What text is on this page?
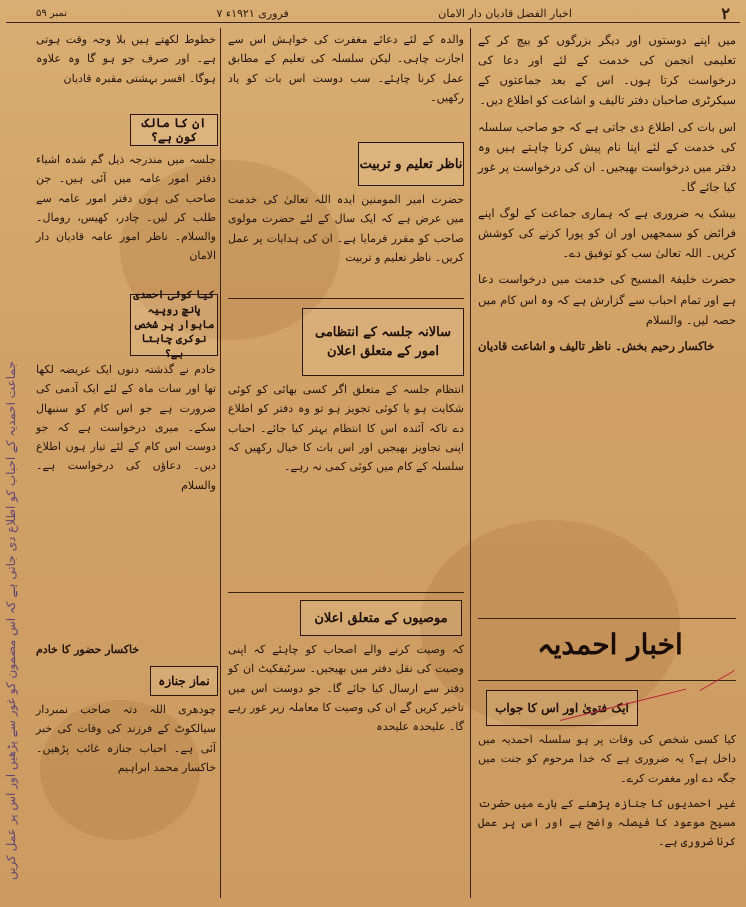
۲
اخبار الفضل قادیان دار الامان
۷ فروری ۱۹۲۱ء
نمبر ۵۹
جماعت احمدیہ کے احباب کو اطلاع دی جاتی ہے کہ اس مضمون کو غور سے پڑھیں اور اس پر عمل کریں

میں اپنے دوستوں اور دیگر بزرگوں کو بیچ کر کے تعلیمی انجمن کی خدمت کے لئے اور دعا کی درخواست کرتا ہوں۔ اس کے بعد جماعتوں کے سیکرٹری صاحبان دفتر تالیف و اشاعت کو اطلاع دیں۔

اس بات کی اطلاع دی جاتی ہے کہ جو صاحب سلسلہ کی خدمت کے لئے اپنا نام پیش کرنا چاہتے ہیں وہ دفتر میں درخواست بھیجیں۔ ان کی درخواست پر غور کیا جائے گا۔

بیشک یہ ضروری ہے کہ ہماری جماعت کے لوگ اپنے فرائض کو سمجھیں اور ان کو پورا کرنے کی کوشش کریں۔ اللہ تعالیٰ سب کو توفیق دے۔

حضرت خلیفۃ المسیح کی خدمت میں درخواست دعا ہے اور تمام احباب سے گزارش ہے کہ وہ اس کام میں حصہ لیں۔ والسلام

خاکسار رحیم بخش۔ ناظر تالیف و اشاعت قادیان

اخبار احمدیہ
ایک فتویٰ اور اس کا جواب

کیا کسی شخص کی وفات پر ہو سلسلہ احمدیہ میں داخل ہے؟ یہ ضروری ہے کہ خدا مرحوم کو جنت میں جگہ دے اور مغفرت کرے۔

غیر احمدیوں کا جنازہ پڑھنے کے بارے میں حضرت مسیح موعود کا فیصلہ واضح ہے اور اس پر عمل کرنا ضروری ہے۔

والدہ کے لئے دعائے مغفرت کی خواہش اس سے اجازت چاہی۔ لیکن سلسلہ کی تعلیم کے مطابق عمل کرنا چاہئے۔ سب دوست اس بات کو یاد رکھیں۔
ناظر تعلیم و تربیت
حضرت امیر المومنین ایدہ اللہ تعالیٰ کی خدمت میں عرض ہے کہ ایک سال کے لئے حضرت مولوی صاحب کو مقرر فرمایا ہے۔ ان کی ہدایات پر عمل کریں۔ ناظر تعلیم و تربیت
سالانہ جلسہ کے انتظامی امور کے متعلق اعلان
انتظام جلسہ کے متعلق اگر کسی بھائی کو کوئی شکایت ہو یا کوئی تجویز ہو تو وہ دفتر کو اطلاع دے تاکہ آئندہ اس کا انتظام بہتر کیا جائے۔ احباب اپنی تجاویز بھیجیں اور اس بات کا خیال رکھیں کہ سلسلہ کے کام میں کوئی کمی نہ رہے۔
موصیوں کے متعلق اعلان
کہ وصیت کرنے والے اصحاب کو چاہئے کہ اپنی وصیت کی نقل دفتر میں بھیجیں۔ سرٹیفکیٹ ان کو دفتر سے ارسال کیا جائے گا۔ جو دوست اس میں تاخیر کریں گے ان کی وصیت کا معاملہ زیر غور رہے گا۔ علیحدہ علیحدہ
خطوط لکھتے ہیں بلا وجہ وقت ہوتی ہے۔ اور صرف جو ہو گا وہ علاوہ ہوگا۔ افسر بہشتی مقبرہ قادیان
ان کا مالک کون ہے؟
جلسہ میں مندرجہ ذیل گم شدہ اشیاء دفتر امور عامہ میں آئی ہیں۔ جن صاحب کی ہوں دفتر امور عامہ سے طلب کر لیں۔ چادر، کھیس، رومال۔ والسلام۔ ناظر امور عامہ قادیان دار الامان
کیا کوئی احمدی پانچ روپیہ ماہوار پر شخص نوکری چاہتا ہے؟
خادم نے گذشتہ دنوں ایک عریضہ لکھا تھا اور سات ماہ کے لئے ایک آدمی کی ضرورت ہے جو اس کام کو سنبھال سکے۔ میری درخواست ہے کہ جو دوست اس کام کے لئے تیار ہوں اطلاع دیں۔ دعاؤں کی درخواست ہے۔ والسلام
خاکسار حضور کا خادم
نماز جنازہ
چودھری اللہ دتہ صاحب نمبردار سیالکوٹ کے فرزند کی وفات کی خبر آئی ہے۔ احباب جنازہ غائب پڑھیں۔ خاکسار محمد ابراہیم
